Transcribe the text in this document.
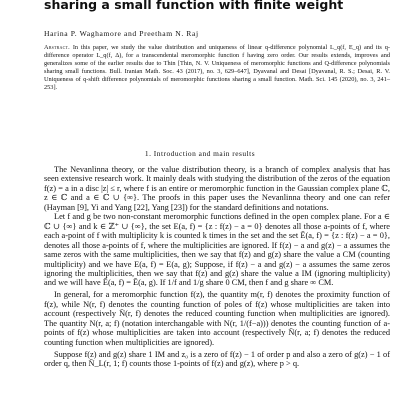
sharing a small function with finite weight
Harina P. Waghamore and Preetham N. Raj

Abstract. In this paper, we study the value distribution and uniqueness of linear q-difference polynomial L_q(f, E_q) and its q-difference operator L_q(f, Δ), for a transcendental meromorphic function f having zero order. Our results extends, improves and generalizes some of the earlier results due to Thin [Thin, N. V. Uniqueness of meromorphic functions and Q-difference polynomials sharing small functions. Bull. Iranian Math. Soc. 43 (2017), no. 3, 629–647], Dyavanal and Desai [Dyavanal, R. S.; Desai, R. V. Uniqueness of q-shift difference polynomials of meromorphic functions sharing a small function. Math. Sci. 145 (2020), no. 3, 241–253].

1. Introduction and main results

The Nevanlinna theory, or the value distribution theory, is a branch of complex analysis that has seen extensive research work. It mainly deals with studying the distribution of the zeros of the equation f(z) = a in a disc |z| ≤ r, where f is an entire or meromorphic function in the Gaussian complex plane ℂ, z ∈ ℂ and a ∈ ℂ ∪ {∞}. The proofs in this paper uses the Nevanlinna theory and one can refer (Hayman [9], Yi and Yang [22], Yang [23]) for the standard definitions and notations.

Let f and g be two non-constant meromorphic functions defined in the open complex plane. For a ∈ ℂ ∪ {∞} and k ∈ ℤ⁺ ∪ {∞}, the set E(a, f) = {z : f(z) − a = 0} denotes all those a-points of f, where each a-point of f with multiplicity k is counted k times in the set and the set Ē(a, f) = {z : f(z) − a = 0}, denotes all those a-points of f, where the multiplicities are ignored. If f(z) − a and g(z) − a assumes the same zeros with the same multiplicities, then we say that f(z) and g(z) share the value a CM (counting multiplicity) and we have E(a, f) = E(a, g); Suppose, if f(z) − a and g(z) − a assumes the same zeros ignoring the multiplicities, then we say that f(z) and g(z) share the value a IM (ignoring multiplicity) and we will have Ē(a, f) = Ē(a, g). If 1/f and 1/g share 0 CM, then f and g share ∞ CM.

In general, for a meromorphic function f(z), the quantity m(r, f) denotes the proximity function of f(z), while N(r, f) denotes the counting function of poles of f(z) whose multiplicities are taken into account (respectively N̄(r, f) denotes the reduced counting function when multiplicities are ignored). The quantity N(r, a; f) (notation interchangable with N(r, 1/(f−a))) denotes the counting function of a-points of f(z) whose multiplicities are taken into account (respectively N̄(r, a; f) denotes the reduced counting function when multiplicities are ignored).

Suppose f(z) and g(z) share 1 IM and z₀ is a zero of f(z) − 1 of order p and also a zero of g(z) − 1 of order q, then N̄_L(r, 1; f) counts those 1-points of f(z) and g(z), where p > q.
